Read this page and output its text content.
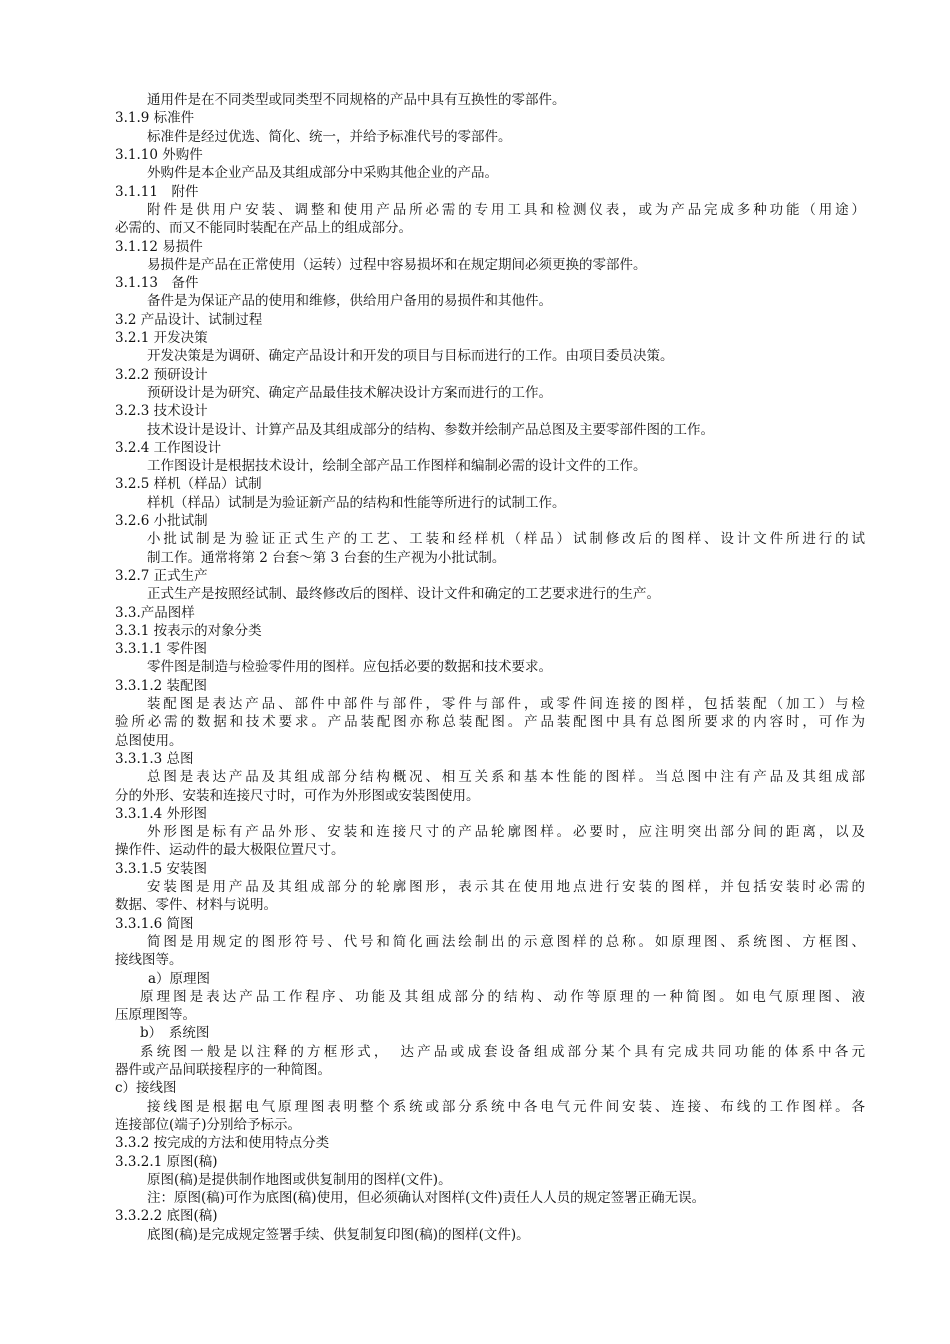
通用件是在不同类型或同类型不同规格的产品中具有互换性的零部件。
3.1.9 标准件
标准件是经过优选、简化、统一，并给予标准代号的零部件。
3.1.10 外购件
外购件是本企业产品及其组成部分中采购其他企业的产品。
3.1.11　附件
附件是供用户安装、调整和使用产品所必需的专用工具和检测仪表，或为产品完成多种功能（用途）
必需的、而又不能同时装配在产品上的组成部分。
3.1.12 易损件
易损件是产品在正常使用（运转）过程中容易损坏和在规定期间必须更换的零部件。
3.1.13　备件
备件是为保证产品的使用和维修，供给用户备用的易损件和其他件。
3.2 产品设计、试制过程
3.2.1 开发决策
开发决策是为调研、确定产品设计和开发的项目与目标而进行的工作。由项目委员决策。
3.2.2 预研设计
预研设计是为研究、确定产品最佳技术解决设计方案而进行的工作。
3.2.3 技术设计
技术设计是设计、计算产品及其组成部分的结构、参数并绘制产品总图及主要零部件图的工作。
3.2.4 工作图设计
工作图设计是根据技术设计，绘制全部产品工作图样和编制必需的设计文件的工作。
3.2.5 样机（样品）试制
样机（样品）试制是为验证新产品的结构和性能等所进行的试制工作。
3.2.6 小批试制
小批试制是为验证正式生产的工艺、工装和经样机（样品）试制修改后的图样、设计文件所进行的试
制工作。通常将第 2 台套～第 3 台套的生产视为小批试制。
3.2.7 正式生产
正式生产是按照经试制、最终修改后的图样、设计文件和确定的工艺要求进行的生产。
3.3.产品图样
3.3.1 按表示的对象分类
3.3.1.1 零件图
零件图是制造与检验零件用的图样。应包括必要的数据和技术要求。
3.3.1.2 装配图
装配图是表达产品、部件中部件与部件，零件与部件，或零件间连接的图样，包括装配（加工）与检
验所必需的数据和技术要求。产品装配图亦称总装配图。产品装配图中具有总图所要求的内容时，可作为
总图使用。
3.3.1.3 总图
总图是表达产品及其组成部分结构概况、相互关系和基本性能的图样。当总图中注有产品及其组成部
分的外形、安装和连接尺寸时，可作为外形图或安装图使用。
3.3.1.4 外形图
外形图是标有产品外形、安装和连接尺寸的产品轮廓图样。必要时，应注明突出部分间的距离，以及
操作件、运动件的最大极限位置尺寸。
3.3.1.5 安装图
安装图是用产品及其组成部分的轮廓图形，表示其在使用地点进行安装的图样，并包括安装时必需的
数据、零件、材料与说明。
3.3.1.6 简图
简图是用规定的图形符号、代号和简化画法绘制出的示意图样的总称。如原理图、系统图、方框图、
接线图等。
a）原理图
原理图是表达产品工作程序、功能及其组成部分的结构、动作等原理的一种简图。如电气原理图、液
压原理图等。
b）　系统图
系统图一般是以注释的方框形式，　达产品或成套设备组成部分某个具有完成共同功能的体系中各元
器件或产品间联接程序的一种简图。
c）接线图
接线图是根据电气原理图表明整个系统或部分系统中各电气元件间安装、连接、布线的工作图样。各
连接部位(端子)分别给予标示。
3.3.2 按完成的方法和使用特点分类
3.3.2.1 原图(稿)
原图(稿)是提供制作地图或供复制用的图样(文件)。
注：原图(稿)可作为底图(稿)使用，但必须确认对图样(文件)责任人人员的规定签署正确无误。
3.3.2.2 底图(稿)
底图(稿)是完成规定签署手续、供复制复印图(稿)的图样(文件)。
